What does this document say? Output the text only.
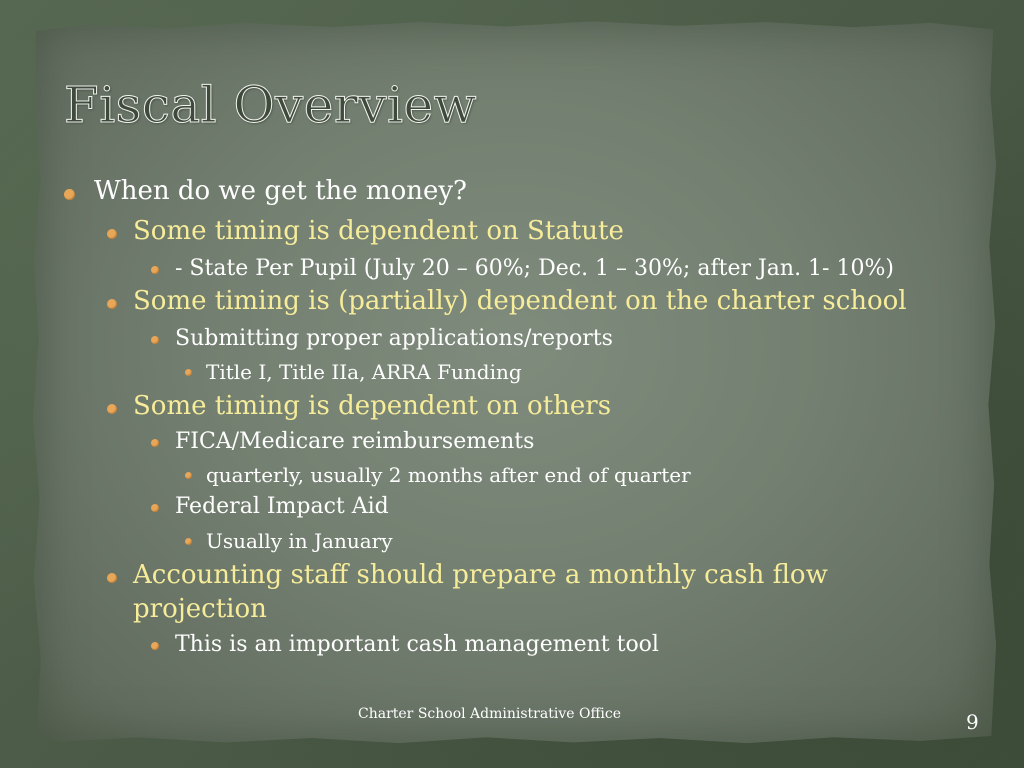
Fiscal Overview
When do we get the money?
Some timing is dependent on Statute
- State Per Pupil (July 20 – 60%; Dec. 1 – 30%; after Jan. 1- 10%)
Some timing is (partially) dependent on the charter school
Submitting proper applications/reports
Title I, Title IIa, ARRA Funding
Some timing is dependent on others
FICA/Medicare reimbursements
quarterly, usually 2 months after end of quarter
Federal Impact Aid
Usually in January
Accounting staff should prepare a monthly cash flow
projection
This is an important cash management tool

Charter School Administrative Office	9
